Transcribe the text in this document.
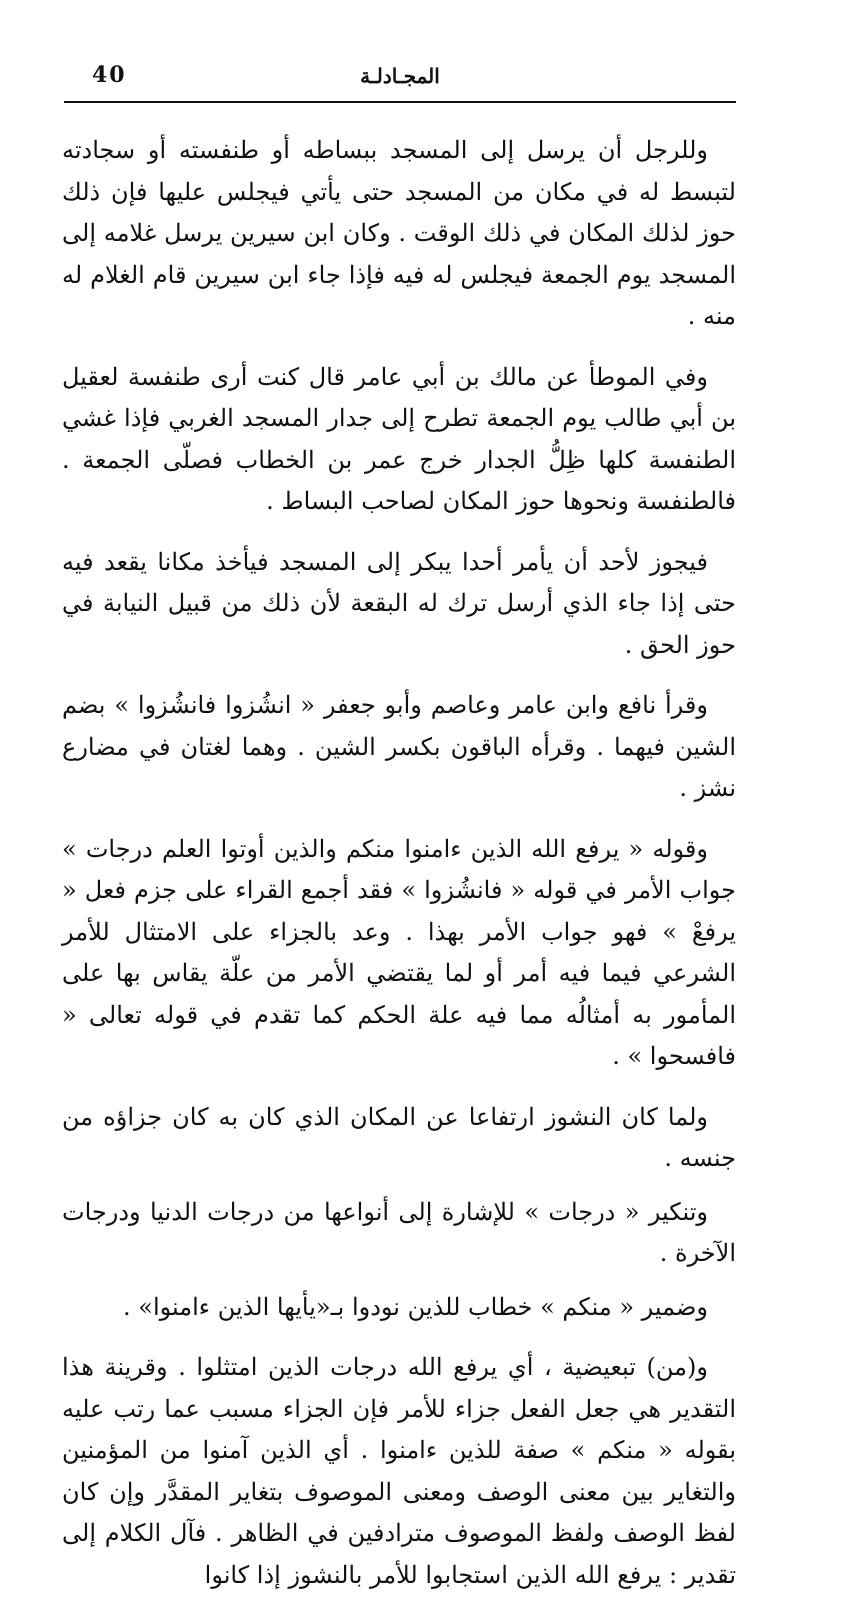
40	المجـادلـة

وللرجل أن يرسل إلى المسجد ببساطه أو طنفسته أو سجادته لتبسط له في مكان من المسجد حتى يأتي فيجلس عليها فإن ذلك حوز لذلك المكان في ذلك الوقت . وكان ابن سيرين يرسل غلامه إلى المسجد يوم الجمعة فيجلس له فيه فإذا جاء ابن سيرين قام الغلام له منه .

وفي الموطأ عن مالك بن أبي عامر قال كنت أرى طنفسة لعقيل بن أبي طالب يوم الجمعة تطرح إلى جدار المسجد الغربي فإذا غشي الطنفسة كلها ظِلُّ الجدار خرج عمر بن الخطاب فصلّى الجمعة . فالطنفسة ونحوها حوز المكان لصاحب البساط .

فيجوز لأحد أن يأمر أحدا يبكر إلى المسجد فيأخذ مكانا يقعد فيه حتى إذا جاء الذي أرسل ترك له البقعة لأن ذلك من قبيل النيابة في حوز الحق .

وقرأ نافع وابن عامر وعاصم وأبو جعفر « انشُزوا فانشُزوا » بضم الشين فيهما . وقرأه الباقون بكسر الشين . وهما لغتان في مضارع نشز .

وقوله « يرفع الله الذين ءامنوا منكم والذين أوتوا العلم درجات » جواب الأمر في قوله « فانشُزوا » فقد أجمع القراء على جزم فعل « يرفعْ » فهو جواب الأمر بهذا . وعد بالجزاء على الامتثال للأمر الشرعي فيما فيه أمر أو لما يقتضي الأمر من علّة يقاس بها على المأمور به أمثالُه مما فيه علة الحكم كما تقدم في قوله تعالى « فافسحوا » .

ولما كان النشوز ارتفاعا عن المكان الذي كان به كان جزاؤه من جنسه .

وتنكير « درجات » للإشارة إلى أنواعها من درجات الدنيا ودرجات الآخرة .

وضمير « منكم » خطاب للذين نودوا بـ«يأيها الذين ءامنوا» .

و(من) تبعيضية ، أي يرفع الله درجات الذين امتثلوا . وقرينة هذا التقدير هي جعل الفعل جزاء للأمر فإن الجزاء مسبب عما رتب عليه بقوله « منكم » صفة للذين ءامنوا . أي الذين آمنوا من المؤمنين والتغاير بين معنى الوصف ومعنى الموصوف بتغاير المقدَّر وإن كان لفظ الوصف ولفظ الموصوف مترادفين في الظاهر . فآل الكلام إلى تقدير : يرفع الله الذين استجابوا للأمر بالنشوز إذا كانوا
